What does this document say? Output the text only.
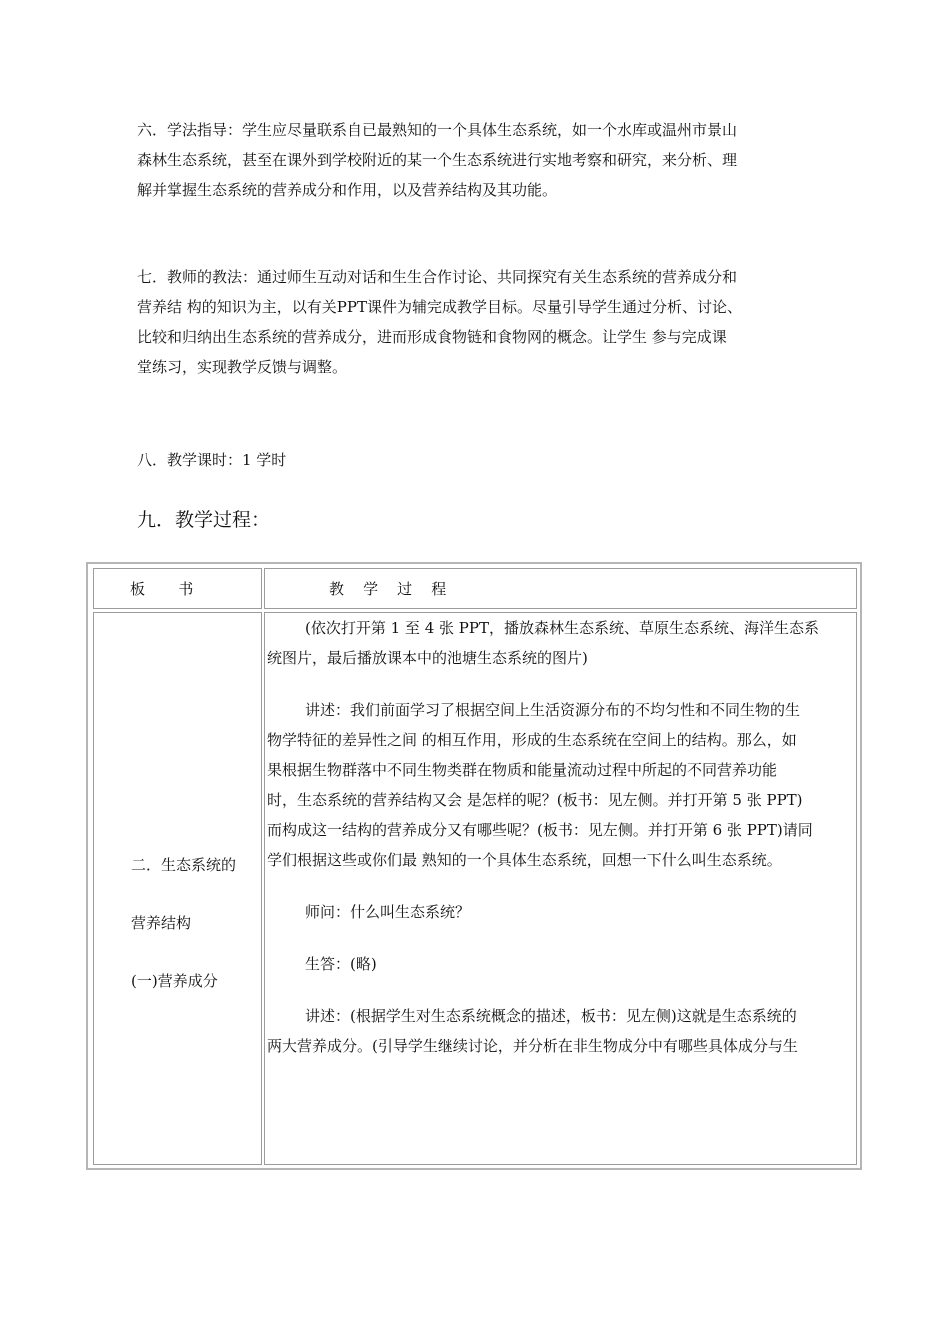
六．学法指导：学生应尽量联系自已最熟知的一个具体生态系统，如一个水库或温州市景山
森林生态系统，甚至在课外到学校附近的某一个生态系统进行实地考察和研究，来分析、理
解并掌握生态系统的营养成分和作用，以及营养结构及其功能。
七．教师的教法：通过师生互动对话和生生合作讨论、共同探究有关生态系统的营养成分和
营养结 构的知识为主，以有关PPT课件为辅完成教学目标。尽量引导学生通过分析、讨论、
比较和归纳出生态系统的营养成分，进而形成食物链和食物网的概念。让学生 参与完成课
堂练习，实现教学反馈与调整。
八．教学课时：1 学时
九．教学过程：
板       书	教    学    过    程
二．生态系统的
营养结构
(一)营养成分
(依次打开第 1 至 4 张 PPT，播放森林生态系统、草原生态系统、海洋生态系
统图片，最后播放课本中的池塘生态系统的图片)
讲述：我们前面学习了根据空间上生活资源分布的不均匀性和不同生物的生
物学特征的差异性之间 的相互作用，形成的生态系统在空间上的结构。那么，如
果根据生物群落中不同生物类群在物质和能量流动过程中所起的不同营养功能
时，生态系统的营养结构又会 是怎样的呢？(板书：见左侧。并打开第 5 张 PPT)
而构成这一结构的营养成分又有哪些呢？(板书：见左侧。并打开第 6 张 PPT)请同
学们根据这些或你们最 熟知的一个具体生态系统，回想一下什么叫生态系统。
师问：什么叫生态系统？
生答：(略)
讲述：(根据学生对生态系统概念的描述，板书：见左侧)这就是生态系统的
两大营养成分。(引导学生继续讨论，并分析在非生物成分中有哪些具体成分与生
